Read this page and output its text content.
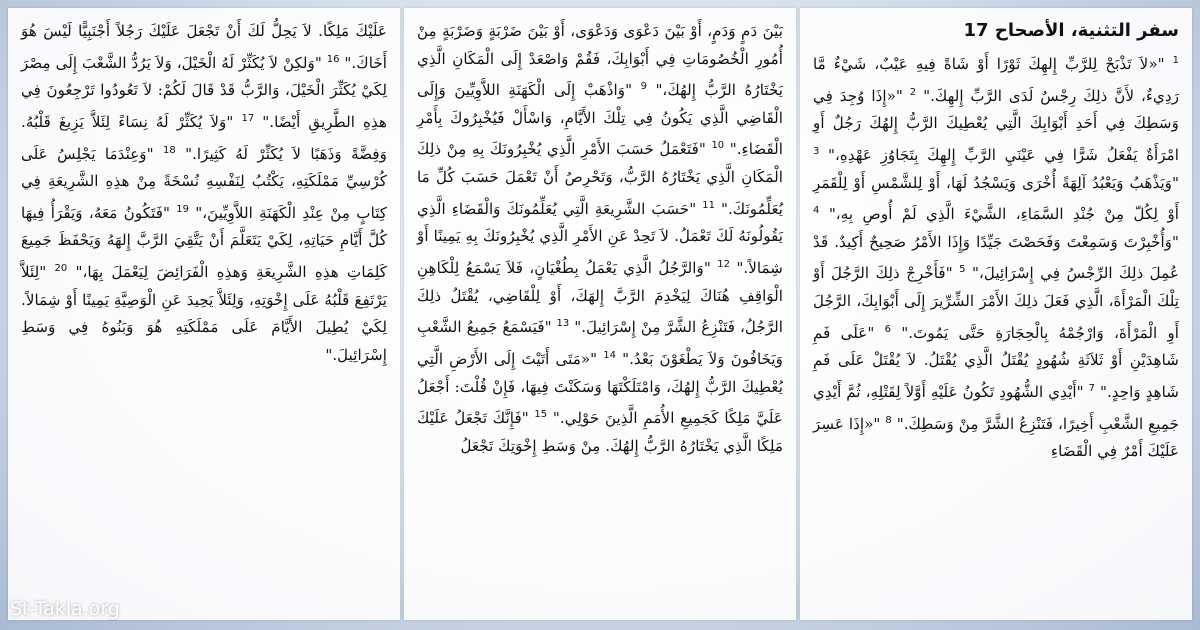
سفر التثنية، الأصحاح 17
$^1$ "«لاَ تَذْبَحْ لِلرَّبِّ إِلهِكَ ثَوْرًا أَوْ شَاةً فِيهِ عَيْبٌ، شَيْءٌ مَّا رَدِيءٌ، لأَنَّ ذلِكَ رِجْسٌ لَدَى الرَّبِّ إِلهِكَ." $^2$ "«إِذَا وُجِدَ فِي وَسَطِكَ فِي أَحَدِ أَبْوَابِكَ الَّتِي يُعْطِيكَ الرَّبُّ إِلهُكَ رَجُلٌ أَوِ امْرَأَةٌ يَفْعَلُ شَرًّا فِي عَيْنَيِ الرَّبِّ إِلهِكَ بِتَجَاوُزِ عَهْدِهِ،" $^3$ "وَيَذْهَبُ وَيَعْبُدُ آلِهَةً أُخْرَى وَيَسْجُدُ لَهَا، أَوْ لِلشَّمْسِ أَوْ لِلْقَمَرِ أَوْ لِكُلّ مِنْ جُنْدِ السَّمَاءِ، الشَّيْءَ الَّذِي لَمْ أُوصِ بِهِ،" $^4$ "وَأُخْبِرْتَ وَسَمِعْتَ وَفَحَصْتَ جَيِّدًا وَإِذَا الأَمْرُ صَحِيحٌ أَكِيدٌ. قَدْ عُمِلَ ذلِكَ الرِّجْسُ فِي إِسْرَائِيلَ،" $^5$ "فَأَخْرِجْ ذلِكَ الرَّجُلَ أَوْ تِلْكَ الْمَرْأَةَ، الَّذِي فَعَلَ ذلِكَ الأَمْرَ الشِّرِّيرَ إِلَى أَبْوَابِكَ، الرَّجُلَ أَوِ الْمَرْأَةَ، وَارْجُمْهُ بِالْحِجَارَةِ حَتَّى يَمُوتَ." $^6$ "عَلَى فَمِ شَاهِدَيْنِ أَوْ ثَلاَثَةِ شُهُودٍ يُقْتَلُ الَّذِي يُقْتَلُ. لاَ يُقْتَلْ عَلَى فَمِ شَاهِدٍ وَاحِدٍ." $^7$ "أَيْدِي الشُّهُودِ تَكُونُ عَلَيْهِ أَوَّلاً لِقَتْلِهِ، ثُمَّ أَيْدِي جَمِيعِ الشَّعْبِ أَخِيرًا، فَتَنْزِعُ الشَّرَّ مِنْ وَسَطِكَ." $^8$ "«إِذَا عَسِرَ عَلَيْكَ أَمْرٌ فِي الْقَضَاءِ
بَيْنَ دَمٍ وَدَمٍ، أَوْ بَيْنَ دَعْوَى وَدَعْوَى، أَوْ بَيْنَ ضَرْبَةٍ وَضَرْبَةٍ مِنْ أُمُورِ الْخُصُومَاتِ فِي أَبْوَابِكَ، فَقُمْ وَاصْعَدْ إِلَى الْمَكَانِ الَّذِي يَخْتَارُهُ الرَّبُّ إِلهُكَ،" $^9$ "وَاذْهَبْ إِلَى الْكَهَنَةِ اللاَّوِيِّينَ وَإِلَى الْقَاضِي الَّذِي يَكُونُ فِي تِلْكَ الأَيَّامِ، وَاسْأَلْ فَيُخْبِرُوكَ بِأَمْرِ الْقَضَاءِ." $^{10}$ "فَتَعْمَلُ حَسَبَ الأَمْرِ الَّذِي يُخْبِرُونَكَ بِهِ مِنْ ذلِكَ الْمَكَانِ الَّذِي يَخْتَارُهُ الرَّبُّ، وَتَحْرِصُ أَنْ تَعْمَلَ حَسَبَ كُلِّ مَا يُعَلِّمُونَكَ." $^{11}$ "حَسَبَ الشَّرِيعَةِ الَّتِي يُعَلِّمُونَكَ وَالْقَضَاءِ الَّذِي يَقُولُونَهُ لَكَ تَعْمَلُ. لاَ تَحِدْ عَنِ الأَمْرِ الَّذِي يُخْبِرُونَكَ بِهِ يَمِينًا أَوْ شِمَالاً." $^{12}$ "وَالرَّجُلُ الَّذِي يَعْمَلُ بِطُغْيَانٍ، فَلاَ يَسْمَعُ لِلْكَاهِنِ الْوَاقِفِ هُنَاكَ لِيَخْدِمَ الرَّبَّ إِلهَكَ، أَوْ لِلْقَاضِي، يُقْتَلُ ذلِكَ الرَّجُلُ، فَتَنْزِعُ الشَّرَّ مِنْ إِسْرَائِيلَ." $^{13}$ "فَيَسْمَعُ جَمِيعُ الشَّعْبِ وَيَخَافُونَ وَلاَ يَطْغَوْنَ بَعْدُ." $^{14}$ "«مَتَى أَتَيْتَ إِلَى الأَرْضِ الَّتِي يُعْطِيكَ الرَّبُّ إِلهُكَ، وَامْتَلَكْتَهَا وَسَكَنْتَ فِيهَا، فَإِنْ قُلْتَ: أَجْعَلُ عَلَيَّ مَلِكًا كَجَمِيعِ الأُمَمِ الَّذِينَ حَوْلِي." $^{15}$ "فَإِنَّكَ تَجْعَلُ عَلَيْكَ مَلِكًا الَّذِي يَخْتَارُهُ الرَّبُّ إِلهُكَ. مِنْ وَسَطِ إِخْوَتِكَ تَجْعَلُ
عَلَيْكَ مَلِكًا. لاَ يَحِلُّ لَكَ أَنْ تَجْعَلَ عَلَيْكَ رَجُلاً أَجْنَبِيًّا لَيْسَ هُوَ أَخَاكَ." $^{16}$ "وَلكِنْ لاَ يُكَثِّرْ لَهُ الْخَيْلَ، وَلاَ يَرُدُّ الشَّعْبَ إِلَى مِصْرَ لِكَيْ يُكَثِّرَ الْخَيْلَ، وَالرَّبُّ قَدْ قَالَ لَكُمْ: لاَ تَعُودُوا تَرْجِعُونَ فِي هذِهِ الطَّرِيقِ أَيْضًا." $^{17}$ "وَلاَ يُكَثِّرْ لَهُ نِسَاءً لِئَلاَّ يَزِيغَ قَلْبُهُ. وَفِضَّةً وَذَهَبًا لاَ يُكَثِّرْ لَهُ كَثِيرًا." $^{18}$ "وَعِنْدَمَا يَجْلِسُ عَلَى كُرْسِيِّ مَمْلَكَتِهِ، يَكْتُبُ لِنَفْسِهِ نُسْخَةً مِنْ هذِهِ الشَّرِيعَةِ فِي كِتَابٍ مِنْ عِنْدِ الْكَهَنَةِ اللاَّوِيِّينَ،" $^{19}$ "فَتَكُونُ مَعَهُ، وَيَقْرَأُ فِيهَا كُلَّ أَيَّامِ حَيَاتِهِ، لِكَيْ يَتَعَلَّمَ أَنْ يَتَّقِيَ الرَّبَّ إِلهَهُ وَيَحْفَظَ جَمِيعَ كَلِمَاتِ هذِهِ الشَّرِيعَةِ وَهذِهِ الْفَرَائِضَ لِيَعْمَلَ بِهَا،" $^{20}$ "لِئَلاَّ يَرْتَفِعَ قَلْبُهُ عَلَى إِخْوَتِهِ، وَلِئَلاَّ يَحِيدَ عَنِ الْوَصِيَّةِ يَمِينًا أَوْ شِمَالاً. لِكَيْ يُطِيلَ الأَيَّامَ عَلَى مَمْلَكَتِهِ هُوَ وَبَنُوهُ فِي وَسَطِ إِسْرَائِيلَ."
St-Takla.org
